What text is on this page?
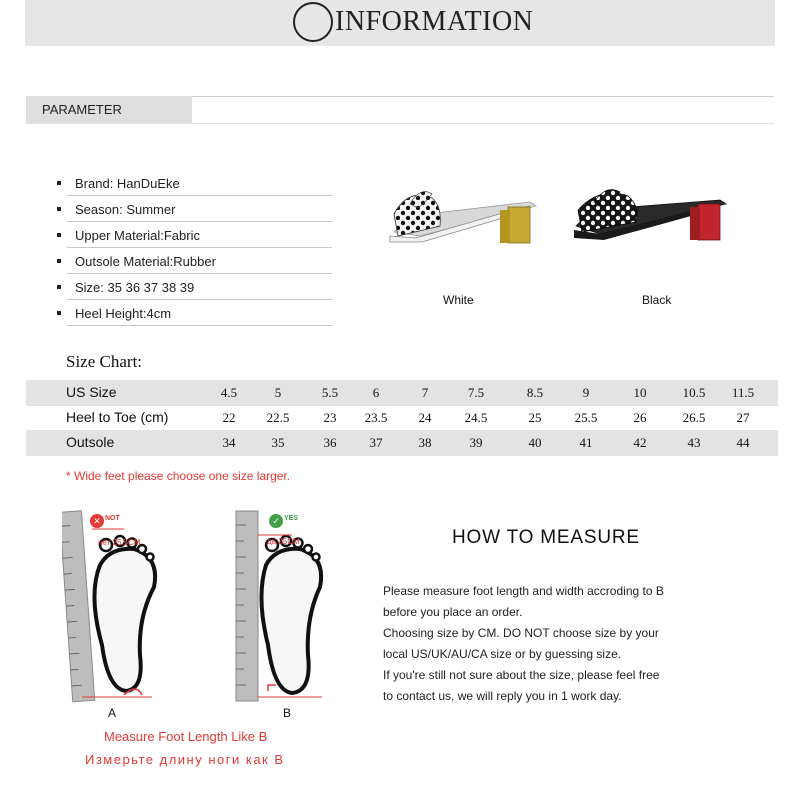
INFORMATION
PARAMETER
Brand: HanDuEke
Season: Summer
Upper Material:Fabric
Outsole Material:Rubber
Size: 35 36 37 38 39
Heel Height:4cm
White	Black
Size Chart:
US Size	4.5	5	5.5	6	7	7.5	8.5	9	10	10.5	11.5
Heel to Toe (cm)	22	22.5	23	23.5	24	24.5	25	25.5	26	26.5	27
Outsole	34	35	36	37	38	39	40	41	42	43	44
* Wide feet please choose one size larger.
✕ NOT
нет 25.5CM
A
✓ YES
да 25CM
B
Measure Foot Length Like B
Измерьте длину ноги как В
HOW TO MEASURE
Please measure foot length and width accroding to B
before you place an order.
Choosing size by CM. DO NOT choose size by your
local US/UK/AU/CA size or by guessing size.
If you're still not sure about the size, please feel free
to contact us, we will reply you in 1 work day.
